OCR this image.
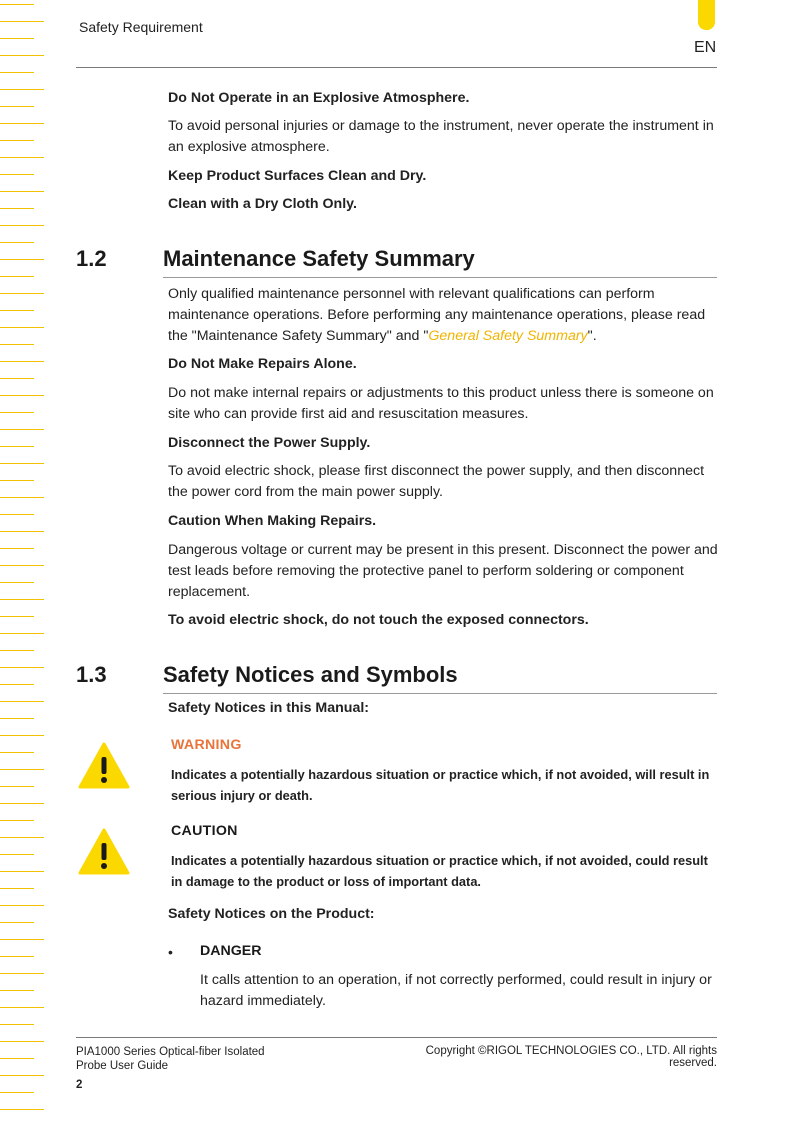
Safety Requirement
EN

Do Not Operate in an Explosive Atmosphere.

To avoid personal injuries or damage to the instrument, never operate the instrument in an explosive atmosphere.

Keep Product Surfaces Clean and Dry.

Clean with a Dry Cloth Only.

1.2	Maintenance Safety Summary

Only qualified maintenance personnel with relevant qualifications can perform maintenance operations. Before performing any maintenance operations, please read the "Maintenance Safety Summary" and "General Safety Summary".

Do Not Make Repairs Alone.

Do not make internal repairs or adjustments to this product unless there is someone on site who can provide first aid and resuscitation measures.

Disconnect the Power Supply.

To avoid electric shock, please first disconnect the power supply, and then disconnect the power cord from the main power supply.

Caution When Making Repairs.

Dangerous voltage or current may be present in this present. Disconnect the power and test leads before removing the protective panel to perform soldering or component replacement.

To avoid electric shock, do not touch the exposed connectors.

1.3	Safety Notices and Symbols

Safety Notices in this Manual:

WARNING

Indicates a potentially hazardous situation or practice which, if not avoided, will result in serious injury or death.

CAUTION

Indicates a potentially hazardous situation or practice which, if not avoided, could result in damage to the product or loss of important data.

Safety Notices on the Product:

• DANGER

It calls attention to an operation, if not correctly performed, could result in injury or hazard immediately.

PIA1000 Series Optical-fiber Isolated
Probe User Guide
Copyright ©RIGOL TECHNOLOGIES CO., LTD. All rights reserved.
2
